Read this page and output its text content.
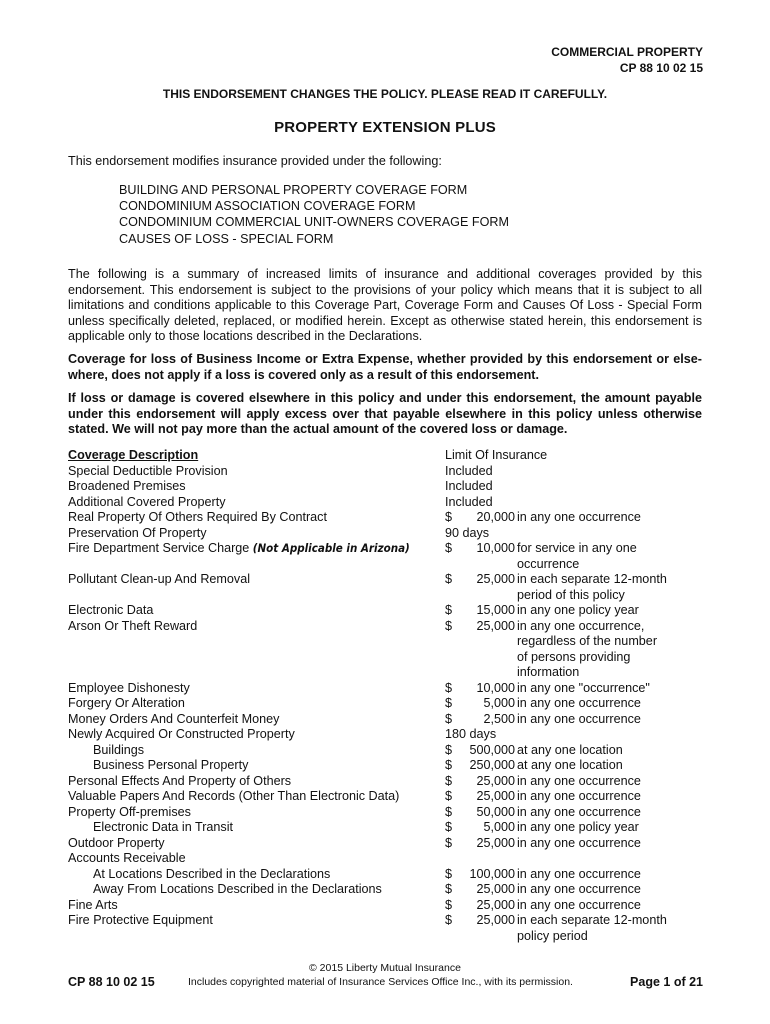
COMMERCIAL PROPERTY
CP 88 10 02 15
THIS ENDORSEMENT CHANGES THE POLICY. PLEASE READ IT CAREFULLY.
PROPERTY EXTENSION PLUS
This endorsement modifies insurance provided under the following:
BUILDING AND PERSONAL PROPERTY COVERAGE FORM
CONDOMINIUM ASSOCIATION COVERAGE FORM
CONDOMINIUM COMMERCIAL UNIT-OWNERS COVERAGE FORM
CAUSES OF LOSS - SPECIAL FORM
The following is a summary of increased limits of insurance and additional coverages provided by this endorsement. This endorsement is subject to the provisions of your policy which means that it is subject to all limitations and conditions applicable to this Coverage Part, Coverage Form and Causes Of Loss - Special Form unless specifically deleted, replaced, or modified herein. Except as otherwise stated herein, this endorsement is applicable only to those locations described in the Declarations.
Coverage for loss of Business Income or Extra Expense, whether provided by this endorsement or else-where, does not apply if a loss is covered only as a result of this endorsement.
If loss or damage is covered elsewhere in this policy and under this endorsement, the amount payable under this endorsement will apply excess over that payable elsewhere in this policy unless otherwise stated. We will not pay more than the actual amount of the covered loss or damage.
Coverage Description	Limit Of Insurance
Special Deductible Provision	Included
Broadened Premises	Included
Additional Covered Property	Included
Real Property Of Others Required By Contract	$	20,000 in any one occurrence
Preservation Of Property	90 days
Fire Department Service Charge (Not Applicable in Arizona)	$	10,000 for service in any one
occurrence
Pollutant Clean-up And Removal	$	25,000 in each separate 12-month
period of this policy
Electronic Data	$	15,000 in any one policy year
Arson Or Theft Reward	$	25,000 in any one occurrence,
regardless of the number
of persons providing
information
Employee Dishonesty	$	10,000 in any one "occurrence"
Forgery Or Alteration	$	5,000 in any one occurrence
Money Orders And Counterfeit Money	$	2,500 in any one occurrence
Newly Acquired Or Constructed Property	180 days
Buildings	$	500,000 at any one location
Business Personal Property	$	250,000 at any one location
Personal Effects And Property of Others	$	25,000 in any one occurrence
Valuable Papers And Records (Other Than Electronic Data)	$	25,000 in any one occurrence
Property Off-premises	$	50,000 in any one occurrence
Electronic Data in Transit	$	5,000 in any one policy year
Outdoor Property	$	25,000 in any one occurrence
Accounts Receivable
At Locations Described in the Declarations	$	100,000 in any one occurrence
Away From Locations Described in the Declarations	$	25,000 in any one occurrence
Fine Arts	$	25,000 in any one occurrence
Fire Protective Equipment	$	25,000 in each separate 12-month
policy period
© 2015 Liberty Mutual Insurance
CP 88 10 02 15	Includes copyrighted material of Insurance Services Office Inc., with its permission.	Page 1 of 21
